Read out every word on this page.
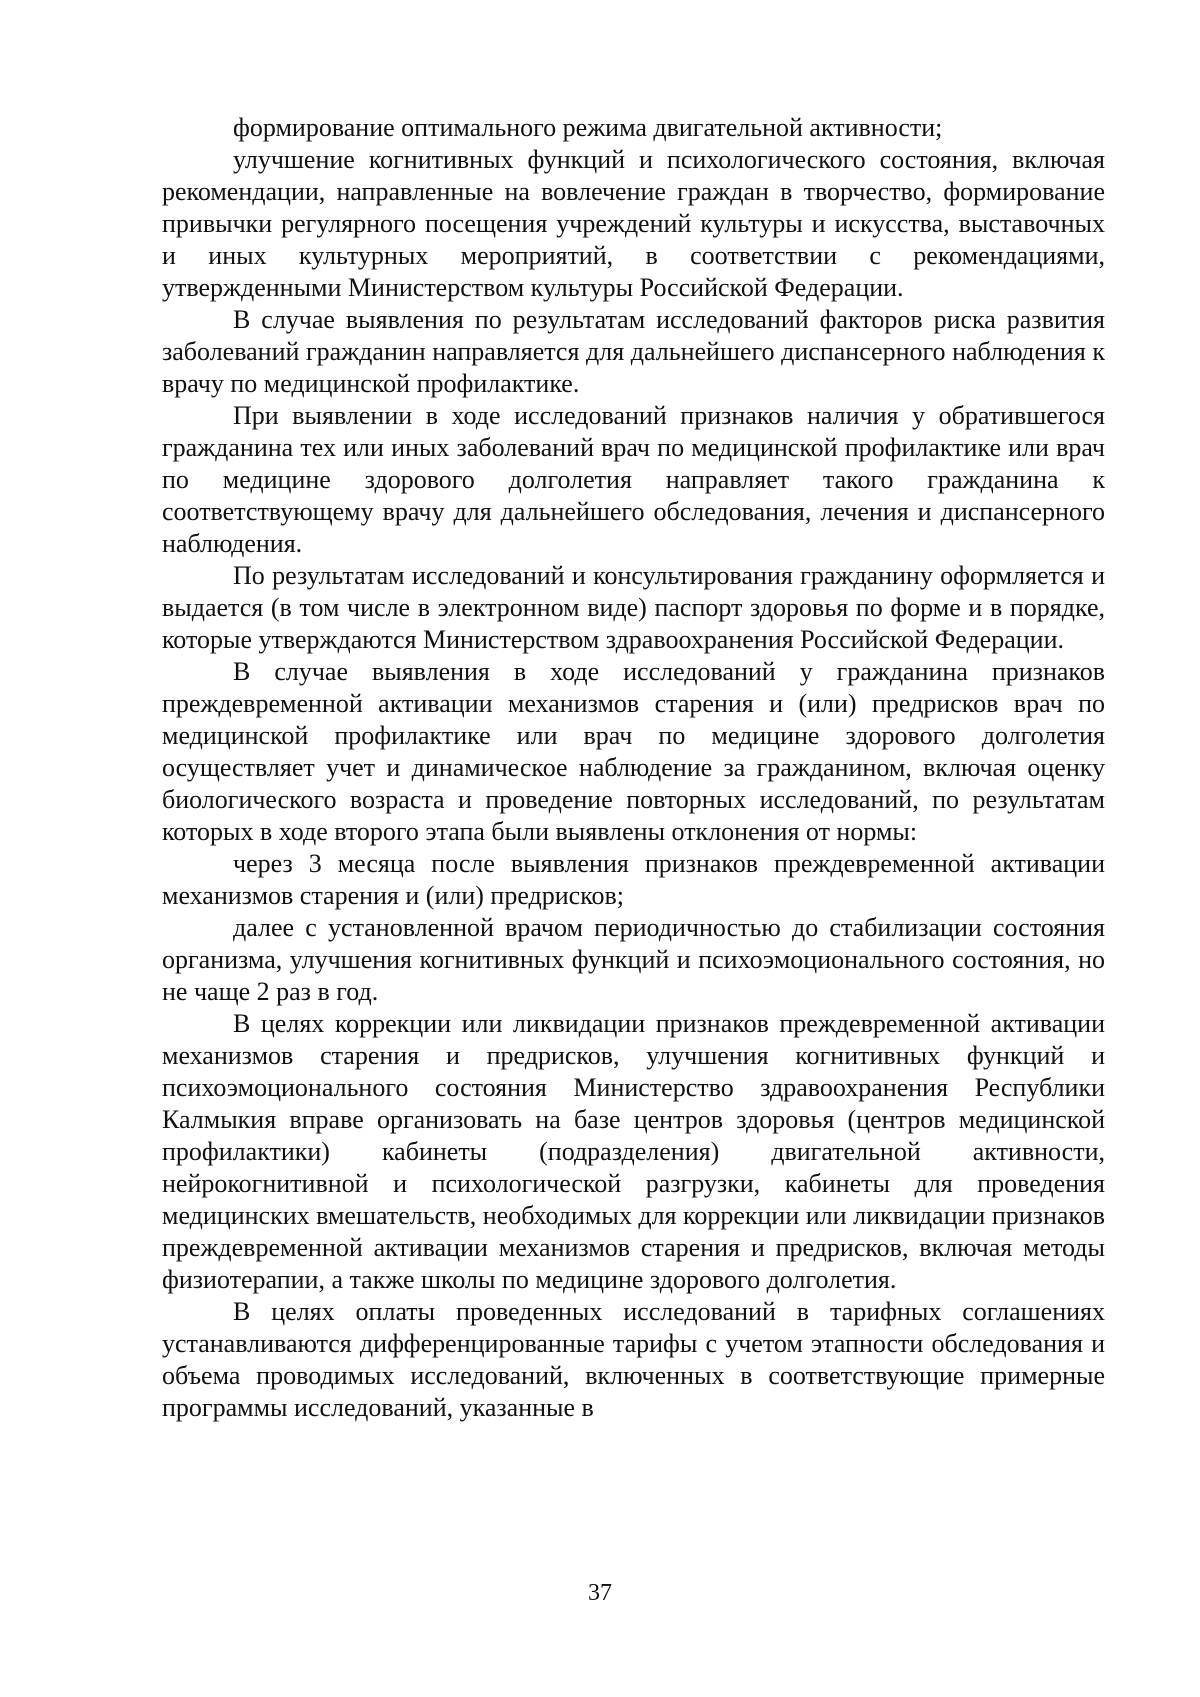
формирование оптимального режима двигательной активности;

улучшение когнитивных функций и психологического состояния, включая рекомендации, направленные на вовлечение граждан в творчество, формирование привычки регулярного посещения учреждений культуры и искусства, выставочных и иных культурных мероприятий, в соответствии с рекомендациями, утвержденными Министерством культуры Российской Федерации.

В случае выявления по результатам исследований факторов риска развития заболеваний гражданин направляется для дальнейшего диспансерного наблюдения к врачу по медицинской профилактике.

При выявлении в ходе исследований признаков наличия у обратившегося гражданина тех или иных заболеваний врач по медицинской профилактике или врач по медицине здорового долголетия направляет такого гражданина к соответствующему врачу для дальнейшего обследования, лечения и диспансерного наблюдения.

По результатам исследований и консультирования гражданину оформляется и выдается (в том числе в электронном виде) паспорт здоровья по форме и в порядке, которые утверждаются Министерством здравоохранения Российской Федерации.

В случае выявления в ходе исследований у гражданина признаков преждевременной активации механизмов старения и (или) предрисков врач по медицинской профилактике или врач по медицине здорового долголетия осуществляет учет и динамическое наблюдение за гражданином, включая оценку биологического возраста и проведение повторных исследований, по результатам которых в ходе второго этапа были выявлены отклонения от нормы:

через 3 месяца после выявления признаков преждевременной активации механизмов старения и (или) предрисков;

далее с установленной врачом периодичностью до стабилизации состояния организма, улучшения когнитивных функций и психоэмоционального состояния, но не чаще 2 раз в год.

В целях коррекции или ликвидации признаков преждевременной активации механизмов старения и предрисков, улучшения когнитивных функций и психоэмоционального состояния Министерство здравоохранения Республики Калмыкия вправе организовать на базе центров здоровья (центров медицинской профилактики) кабинеты (подразделения) двигательной активности, нейрокогнитивной и психологической разгрузки, кабинеты для проведения медицинских вмешательств, необходимых для коррекции или ликвидации признаков преждевременной активации механизмов старения и предрисков, включая методы физиотерапии, а также школы по медицине здорового долголетия.

В целях оплаты проведенных исследований в тарифных соглашениях устанавливаются дифференцированные тарифы с учетом этапности обследования и объема проводимых исследований, включенных в соответствующие примерные программы исследований, указанные в

37
